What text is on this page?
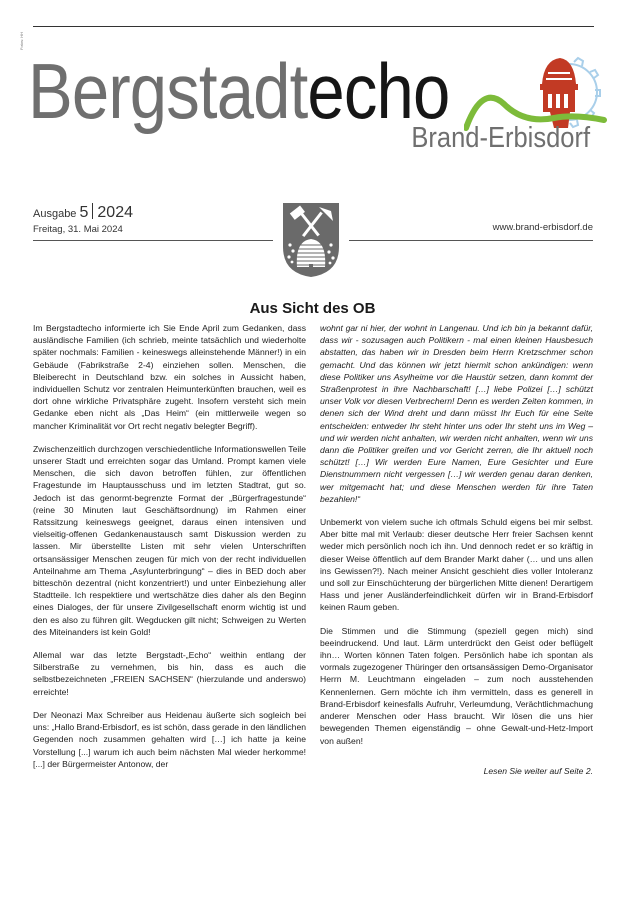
Fotos: HH
Bergstadtecho
Brand-Erbisdorf
Ausgabe 5 2024
Freitag, 31. Mai 2024	www.brand-erbisdorf.de
Aus Sicht des OB

Im Bergstadtecho informierte ich Sie Ende April zum Gedanken, dass ausländische Familien (ich schrieb, meinte tatsächlich und wiederholte später nochmals: Familien - keineswegs alleinstehende Männer!) in ein Gebäude (Fabrikstraße 2-4) einziehen sollen. Menschen, die Bleiberecht in Deutschland bzw. ein solches in Aussicht haben, individuellen Schutz vor zentralen Heimunterkünften brauchen, weil es dort ohne wirkliche Privatsphäre zugeht. Insofern versteht sich mein Gedanke eben nicht als „Das Heim“ (ein mittlerweile wegen so mancher Kriminalität vor Ort recht negativ belegter Begriff).

Zwischenzeitlich durchzogen verschiedentliche Informationswellen Teile unserer Stadt und erreichten sogar das Umland. Prompt kamen viele Menschen, die sich davon betroffen fühlen, zur öffentlichen Fragestunde im Hauptausschuss und im letzten Stadtrat, gut so. Jedoch ist das genormt-begrenzte Format der „Bürgerfragestunde“ (reine 30 Minuten laut Geschäftsordnung) im Rahmen einer Ratssitzung keineswegs geeignet, daraus einen intensiven und vielseitig-offenen Gedankenaustausch samt Diskussion werden zu lassen. Mir überstellte Listen mit sehr vielen Unterschriften ortsansässiger Menschen zeugen für mich von der recht individuellen Anteilnahme am Thema „Asylunterbringung“ – dies in BED doch aber bitteschön dezentral (nicht konzentriert!) und unter Einbeziehung aller Stadtteile. Ich respektiere und wertschätze dies daher als den Beginn eines Dialoges, der für unsere Zivilgesellschaft enorm wichtig ist und den es also zu führen gilt. Wegducken gilt nicht; Schweigen zu Werten des Miteinanders ist kein Gold!

Allemal war das letzte Bergstadt-„Echo“ weithin entlang der Silberstraße zu vernehmen, bis hin, dass es auch die selbstbezeichneten „FREIEN SACHSEN“ (hierzulande und anderswo) erreichte!

Der Neonazi Max Schreiber aus Heidenau äußerte sich sogleich bei uns: „Hallo Brand-Erbisdorf, es ist schön, dass gerade in den ländlichen Gegenden noch zusammen gehalten wird […] ich hatte ja keine Vorstellung [...] warum ich auch beim nächsten Mal wieder herkomme! [...] der Bürgermeister Antonow, der

wohnt gar ni hier, der wohnt in Langenau. Und ich bin ja bekannt dafür, dass wir - sozusagen auch Politikern - mal einen kleinen Hausbesuch abstatten, das haben wir in Dresden beim Herrn Kretzschmer schon gemacht. Und das können wir jetzt hiermit schon ankündigen: wenn diese Politiker uns Asylheime vor die Haustür setzen, dann kommt der Straßenprotest in ihre Nachbarschaft! […] liebe Polizei […] schützt unser Volk vor diesen Verbrechern! Denn es werden Zeiten kommen, in denen sich der Wind dreht und dann müsst Ihr Euch für eine Seite entscheiden: entweder Ihr steht hinter uns oder Ihr steht uns im Weg – und wir werden nicht anhalten, wir werden nicht anhalten, wenn wir uns dann die Politiker greifen und vor Gericht zerren, die Ihr aktuell noch schützt! […] Wir werden Eure Namen, Eure Gesichter und Eure Dienstnummern nicht vergessen […] wir werden genau daran denken, wer mitgemacht hat; und diese Menschen werden für ihre Taten bezahlen!“

Unbemerkt von vielem suche ich oftmals Schuld eigens bei mir selbst. Aber bitte mal mit Verlaub: dieser deutsche Herr freier Sachsen kennt weder mich persönlich noch ich ihn. Und dennoch redet er so kräftig in dieser Weise öffentlich auf dem Brander Markt daher (… und uns allen ins Gewissen?!). Nach meiner Ansicht geschieht dies voller Intoleranz und soll zur Einschüchterung der bürgerlichen Mitte dienen! Derartigem Hass und jener Ausländerfeindlichkeit dürfen wir in Brand-Erbisdorf keinen Raum geben.

Die Stimmen und die Stimmung (speziell gegen mich) sind beeindruckend. Und laut. Lärm unterdrückt den Geist oder beflügelt ihn… Worten können Taten folgen. Persönlich habe ich spontan als vormals zugezogener Thüringer den ortsansässigen Demo-Organisator Herrn M. Leuchtmann eingeladen – zum noch ausstehenden Kennenlernen. Gern möchte ich ihm vermitteln, dass es generell in Brand-Erbisdorf keinesfalls Aufruhr, Verleumdung, Verächtlichmachung anderer Menschen oder Hass braucht. Wir lösen die uns hier bewegenden Themen eigenständig – ohne Gewalt-und-Hetz-Import von außen!

Lesen Sie weiter auf Seite 2.
